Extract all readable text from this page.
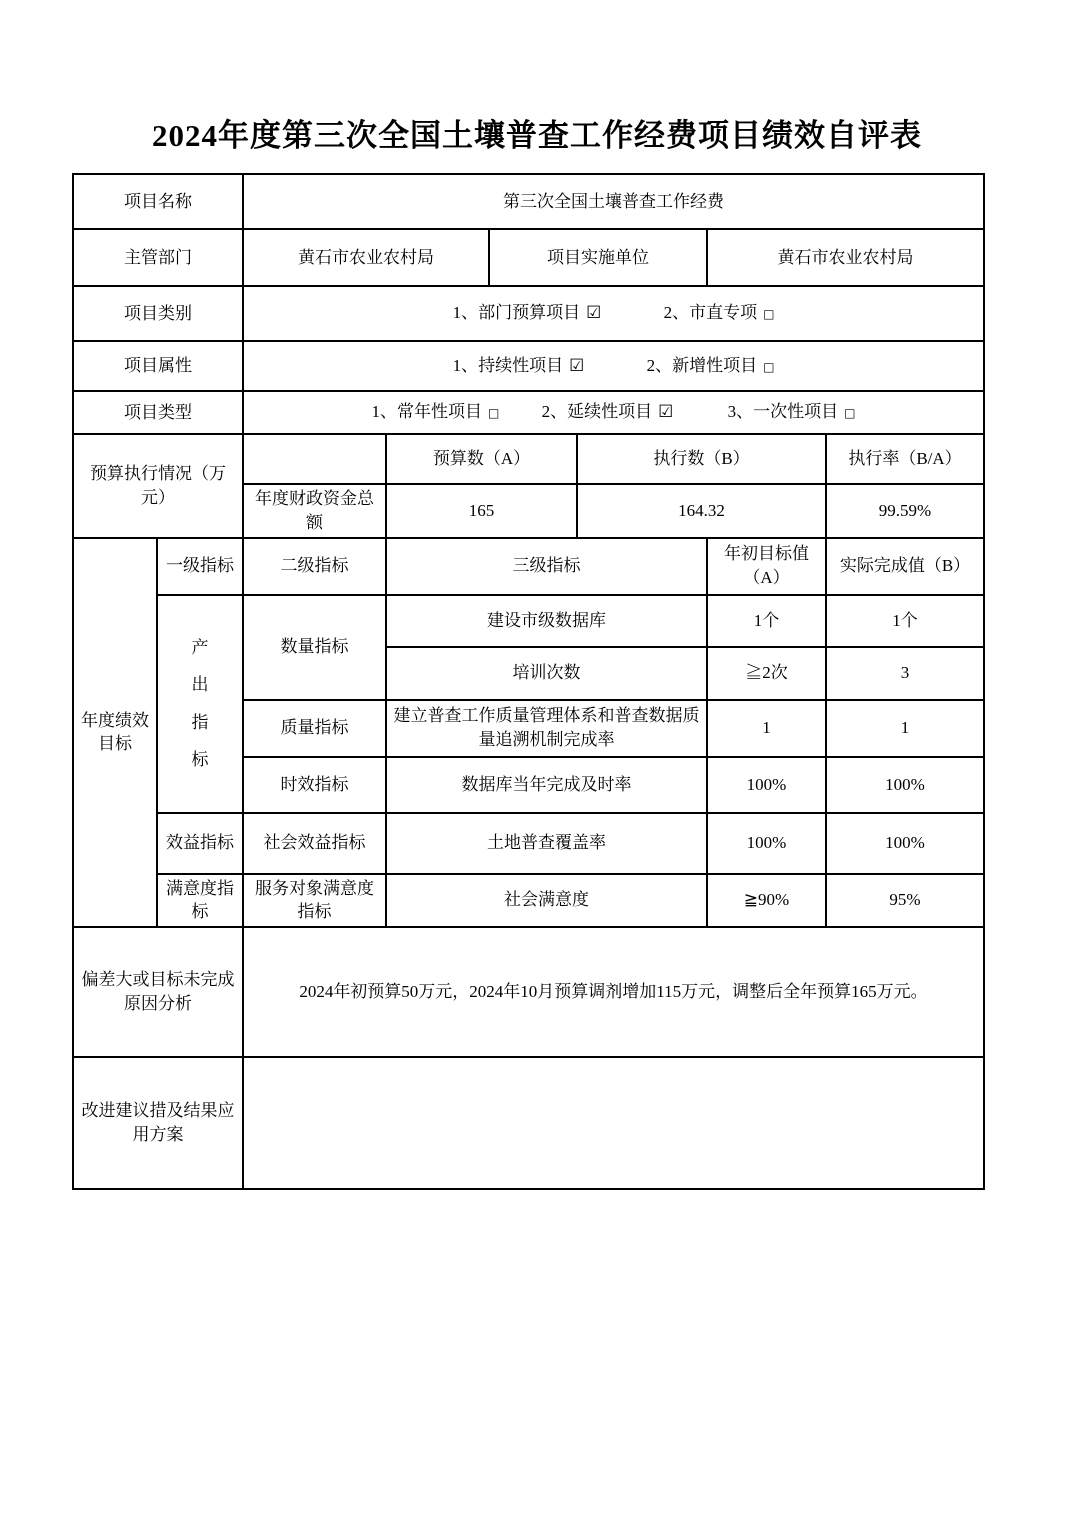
2024年度第三次全国土壤普查工作经费项目绩效自评表
项目名称		第三次全国土壤普查工作经费					
主管部门		黄石市农业农村局		项目实施单位		黄石市农业农村局	
项目类别		1、部门预算项目 ☑ 2、市直专项 □					
项目属性		1、持续性项目 ☑ 2、新增性项目 □					
项目类型		1、常年性项目 □ 2、延续性项目 ☑ 3、一次性项目 □					
预算执行情况（万元）			预算数（A）		执行数（B）		执行率（B/A）
		年度财政资金总额	165		164.32		99.59%
年度绩效目标	一级指标	二级指标	三级指标			年初目标值（A）	实际完成值（B）
	产出指标	数量指标	建设市级数据库			1个	1个
			培训次数			≧2次	3
		质量指标	建立普查工作质量管理体系和普查数据质量追溯机制完成率			1	1
		时效指标	数据库当年完成及时率			100%	100%
	效益指标	社会效益指标	土地普查覆盖率			100%	100%
	满意度指标	服务对象满意度指标	社会满意度			≧90%	95%
偏差大或目标未完成原因分析		2024年初预算50万元，2024年10月预算调剂增加115万元，调整后全年预算165万元。					
改进建议措及结果应用方案							
